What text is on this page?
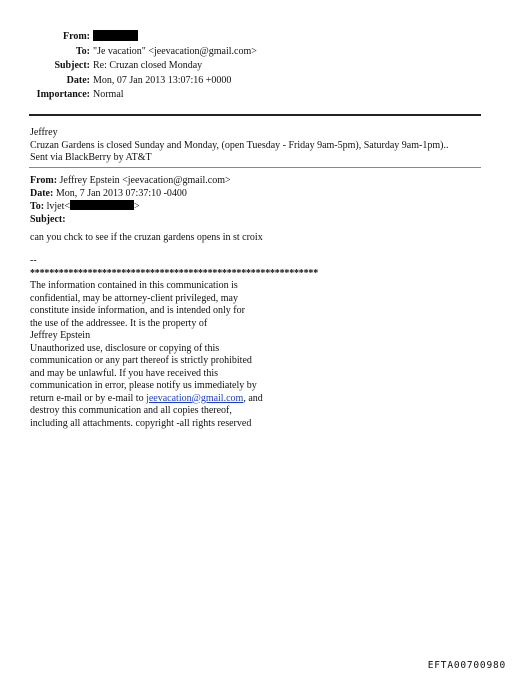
From:
To: "Je vacation" <jeevacation@gmail.com>
Subject: Re: Cruzan closed Monday
Date: Mon, 07 Jan 2013 13:07:16 +0000
Importance: Normal
Jeffrey
Cruzan Gardens is closed Sunday and Monday, (open Tuesday - Friday 9am-5pm), Saturday 9am-1pm)..
Sent via BlackBerry by AT&T
From: Jeffrey Epstein <jeevacation@gmail.com>
Date: Mon, 7 Jan 2013 07:37:10 -0400
To: lvjet<	>
Subject:
can you chck to see if the cruzan gardens opens in st croix
--
************************************************************
The information contained in this communication is
confidential, may be attorney-client privileged, may
constitute inside information, and is intended only for
the use of the addressee. It is the property of
Jeffrey Epstein
Unauthorized use, disclosure or copying of this
communication or any part thereof is strictly prohibited
and may be unlawful. If you have received this
communication in error, please notify us immediately by
return e-mail or by e-mail to jeevacation@gmail.com, and
destroy this communication and all copies thereof,
including all attachments. copyright -all rights reserved
EFTA00700980
